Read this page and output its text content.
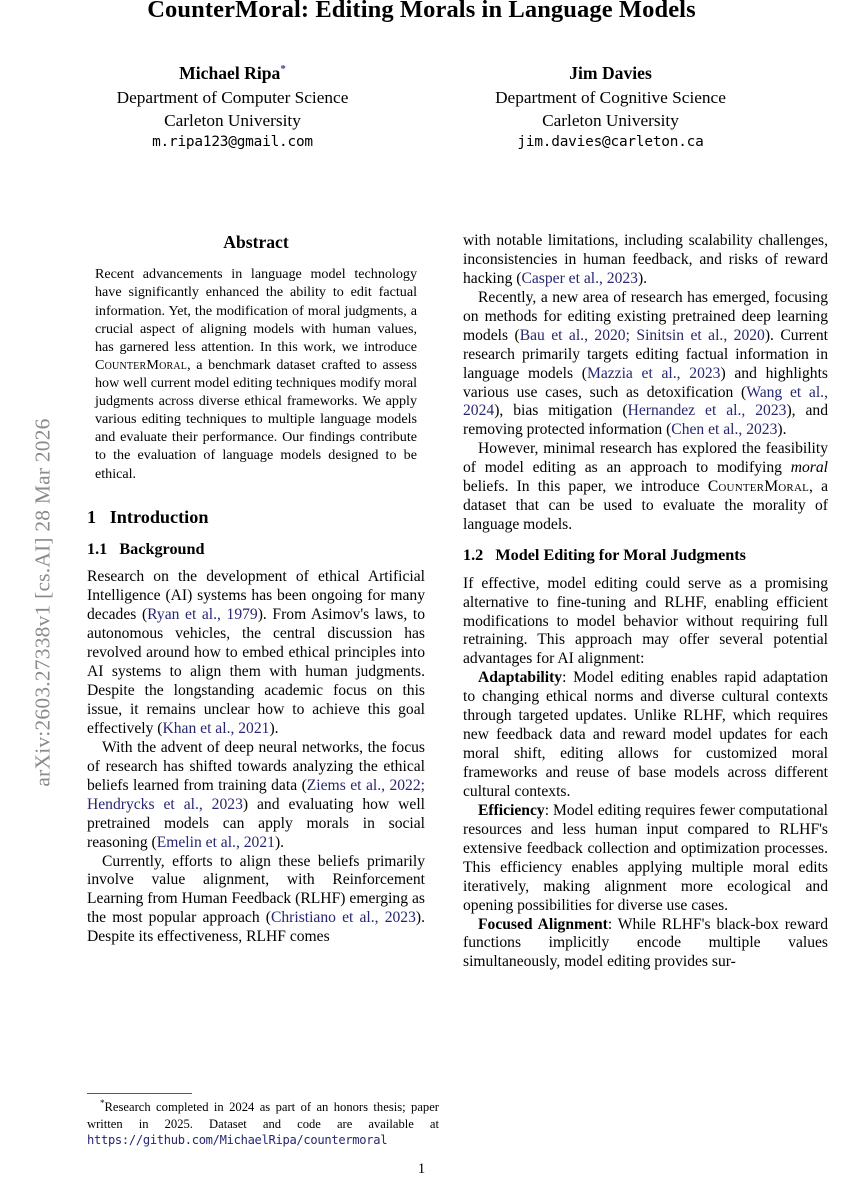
arXiv:2603.27338v1 [cs.AI] 28 Mar 2026
CounterMoral: Editing Morals in Language Models
Michael Ripa*
Department of Computer Science
Carleton University
m.ripa123@gmail.com
Jim Davies
Department of Cognitive Science
Carleton University
jim.davies@carleton.ca
Abstract

Recent advancements in language model technology have significantly enhanced the ability to edit factual information. Yet, the modification of moral judgments, a crucial aspect of aligning models with human values, has garnered less attention. In this work, we introduce CounterMoral, a benchmark dataset crafted to assess how well current model editing techniques modify moral judgments across diverse ethical frameworks. We apply various editing techniques to multiple language models and evaluate their performance. Our findings contribute to the evaluation of language models designed to be ethical.

1 Introduction
1.1 Background

Research on the development of ethical Artificial Intelligence (AI) systems has been ongoing for many decades (Ryan et al., 1979). From Asimov's laws, to autonomous vehicles, the central discussion has revolved around how to embed ethical principles into AI systems to align them with human judgments. Despite the longstanding academic focus on this issue, it remains unclear how to achieve this goal effectively (Khan et al., 2021).

With the advent of deep neural networks, the focus of research has shifted towards analyzing the ethical beliefs learned from training data (Ziems et al., 2022; Hendrycks et al., 2023) and evaluating how well pretrained models can apply morals in social reasoning (Emelin et al., 2021).

Currently, efforts to align these beliefs primarily involve value alignment, with Reinforcement Learning from Human Feedback (RLHF) emerging as the most popular approach (Christiano et al., 2023). Despite its effectiveness, RLHF comes

with notable limitations, including scalability challenges, inconsistencies in human feedback, and risks of reward hacking (Casper et al., 2023).

Recently, a new area of research has emerged, focusing on methods for editing existing pretrained deep learning models (Bau et al., 2020; Sinitsin et al., 2020). Current research primarily targets editing factual information in language models (Mazzia et al., 2023) and highlights various use cases, such as detoxification (Wang et al., 2024), bias mitigation (Hernandez et al., 2023), and removing protected information (Chen et al., 2023).

However, minimal research has explored the feasibility of model editing as an approach to modifying moral beliefs. In this paper, we introduce CounterMoral, a dataset that can be used to evaluate the morality of language models.

1.2 Model Editing for Moral Judgments

If effective, model editing could serve as a promising alternative to fine-tuning and RLHF, enabling efficient modifications to model behavior without requiring full retraining. This approach may offer several potential advantages for AI alignment:

Adaptability: Model editing enables rapid adaptation to changing ethical norms and diverse cultural contexts through targeted updates. Unlike RLHF, which requires new feedback data and reward model updates for each moral shift, editing allows for customized moral frameworks and reuse of base models across different cultural contexts.

Efficiency: Model editing requires fewer computational resources and less human input compared to RLHF's extensive feedback collection and optimization processes. This efficiency enables applying multiple moral edits iteratively, making alignment more ecological and opening possibilities for diverse use cases.

Focused Alignment: While RLHF's black-box reward functions implicitly encode multiple values simultaneously, model editing provides sur-

*Research completed in 2024 as part of an honors thesis; paper written in 2025. Dataset and code are available at https://github.com/MichaelRipa/countermoral

1
